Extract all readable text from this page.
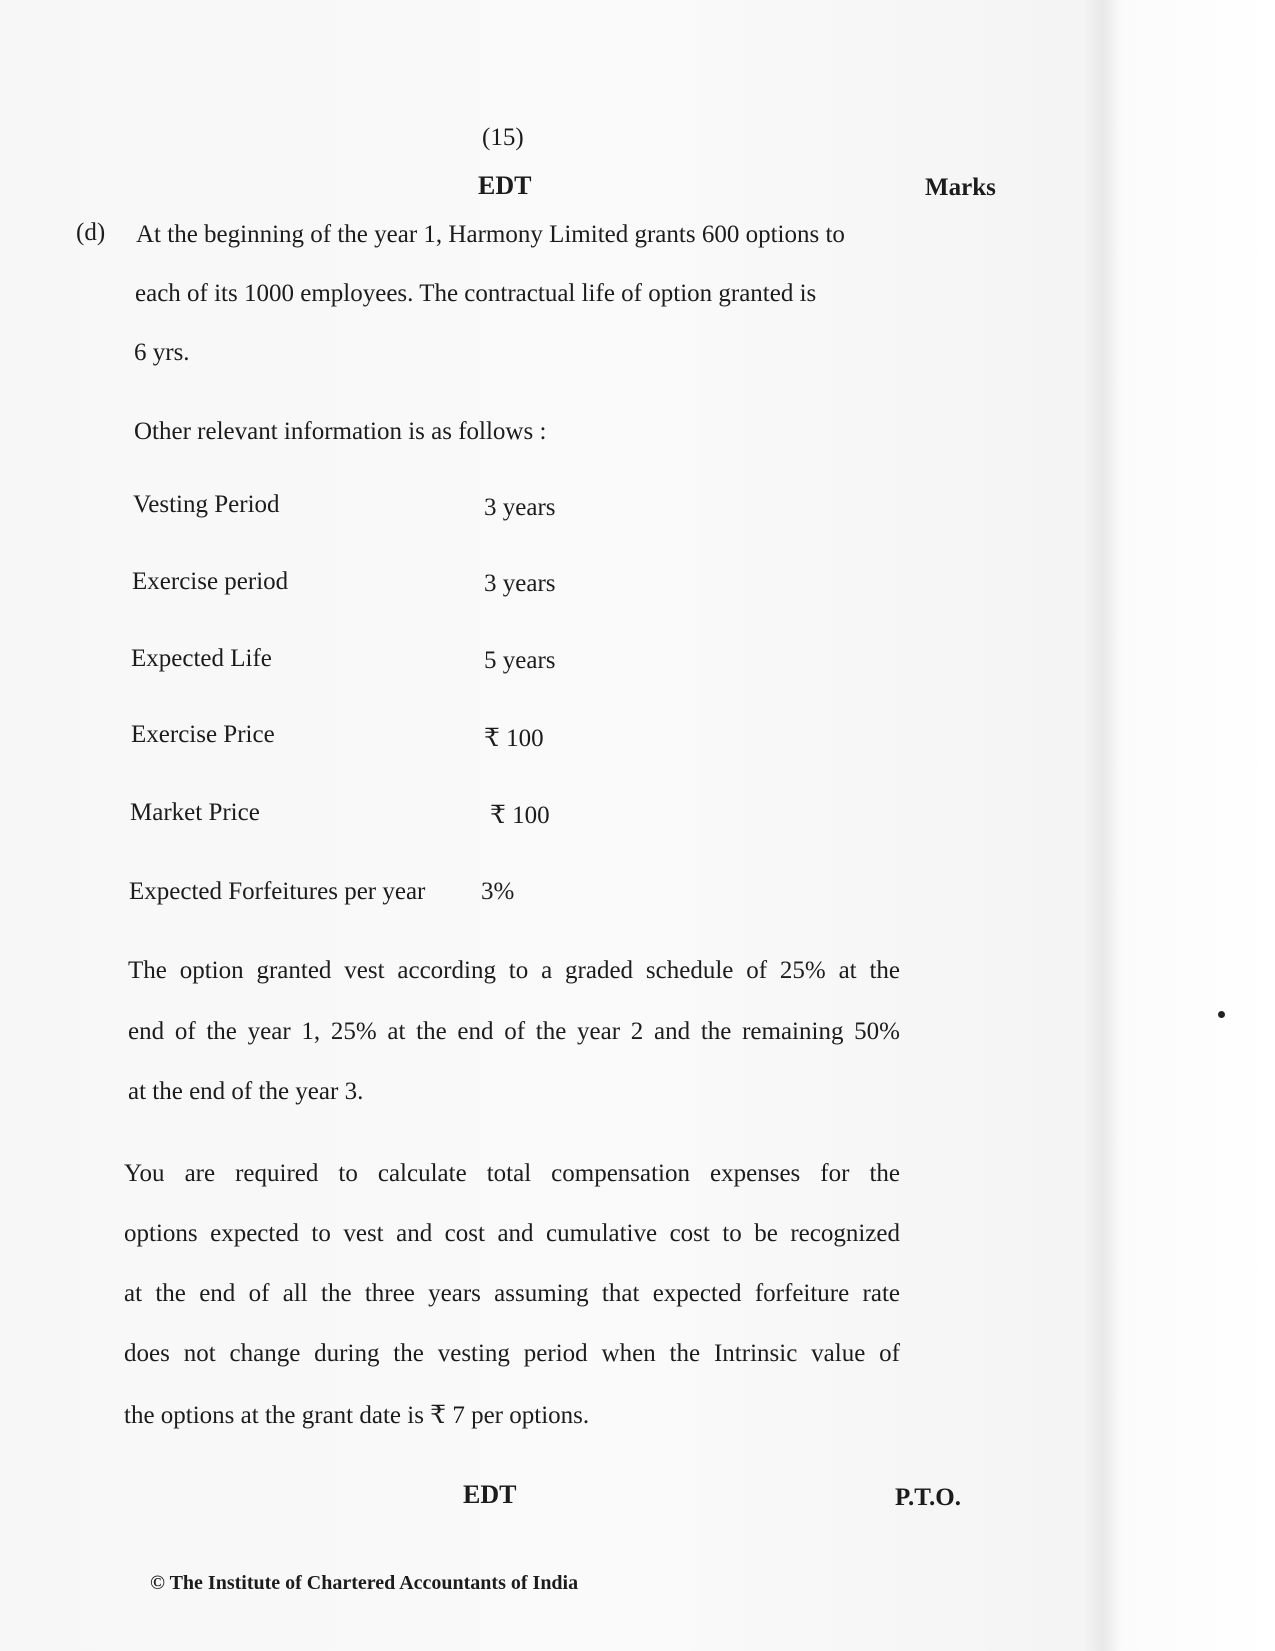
(15)
EDT	Marks
(d) At the beginning of the year 1, Harmony Limited grants 600 options to
each of its 1000 employees. The contractual life of option granted is
6 yrs.
Other relevant information is as follows :
Vesting Period	3 years
Exercise period	3 years
Expected Life	5 years
Exercise Price	₹ 100
Market Price	₹ 100
Expected Forfeitures per year 3%
The option granted vest according to a graded schedule of 25% at the
end of the year 1, 25% at the end of the year 2 and the remaining 50%
at the end of the year 3.
You are required to calculate total compensation expenses for the
options expected to vest and cost and cumulative cost to be recognized
at the end of all the three years assuming that expected forfeiture rate
does not change during the vesting period when the Intrinsic value of
the options at the grant date is ₹ 7 per options.
EDT	P.T.O.
© The Institute of Chartered Accountants of India
